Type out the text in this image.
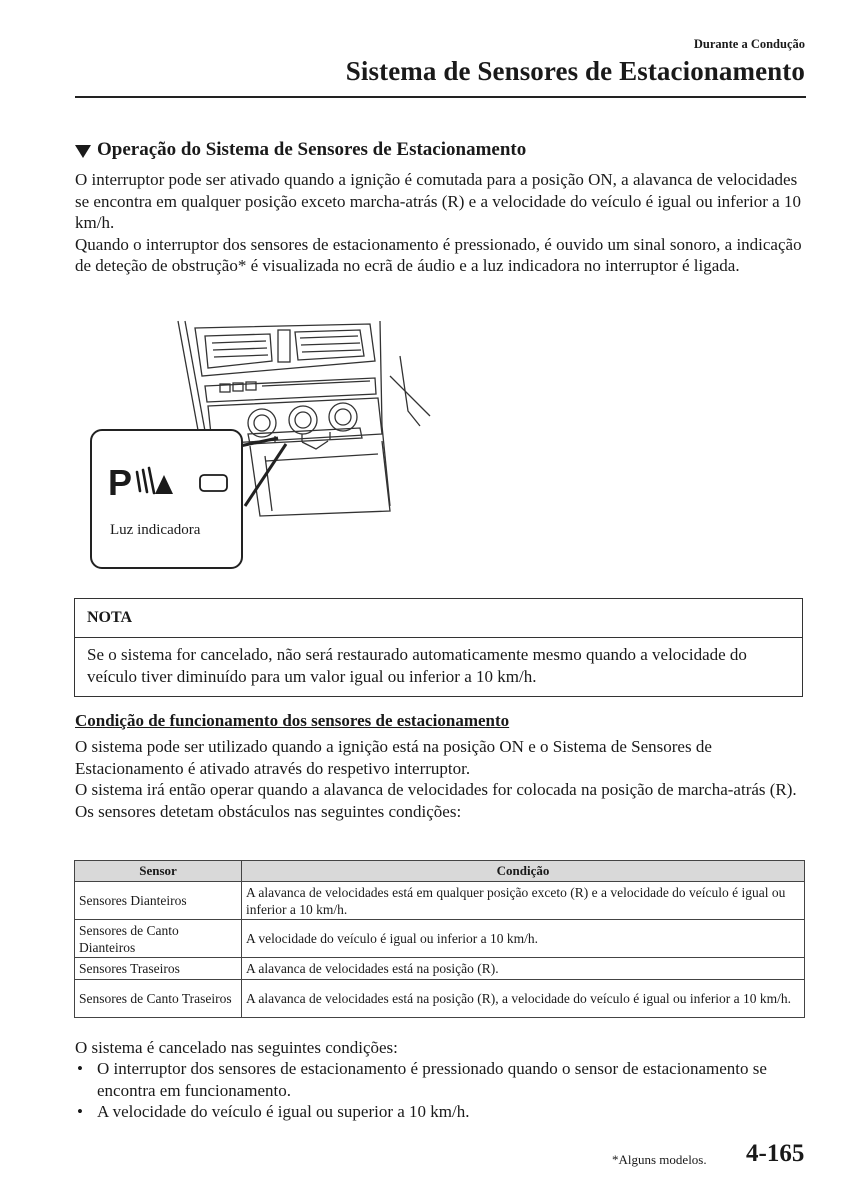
Durante a Condução
Sistema de Sensores de Estacionamento
Operação do Sistema de Sensores de Estacionamento

O interruptor pode ser ativado quando a ignição é comutada para a posição ON, a alavanca de velocidades se encontra em qualquer posição exceto marcha-atrás (R) e a velocidade do veículo é igual ou inferior a 10 km/h.

Quando o interruptor dos sensores de estacionamento é pressionado, é ouvido um sinal sonoro, a indicação de deteção de obstrução* é visualizada no ecrã de áudio e a luz indicadora no interruptor é ligada.

P
Luz indicadora
NOTA
Se o sistema for cancelado, não será restaurado automaticamente mesmo quando a velocidade do veículo tiver diminuído para um valor igual ou inferior a 10 km/h.
Condição de funcionamento dos sensores de estacionamento

O sistema pode ser utilizado quando a ignição está na posição ON e o Sistema de Sensores de Estacionamento é ativado através do respetivo interruptor.

O sistema irá então operar quando a alavanca de velocidades for colocada na posição de marcha-atrás (R).

Os sensores detetam obstáculos nas seguintes condições:

Sensor	Condição
Sensores Dianteiros	A alavanca de velocidades está em qualquer posição exceto (R) e a velocidade do veículo é igual ou inferior a 10 km/h.
Sensores de Canto Dianteiros	A velocidade do veículo é igual ou inferior a 10 km/h.
Sensores Traseiros	A alavanca de velocidades está na posição (R).
Sensores de Canto Traseiros	A alavanca de velocidades está na posição (R), a velocidade do veículo é igual ou inferior a 10 km/h.
O sistema é cancelado nas seguintes condições:
• O interruptor dos sensores de estacionamento é pressionado quando o sensor de estacionamento se encontra em funcionamento.
• A velocidade do veículo é igual ou superior a 10 km/h.
*Alguns modelos. 4-165
